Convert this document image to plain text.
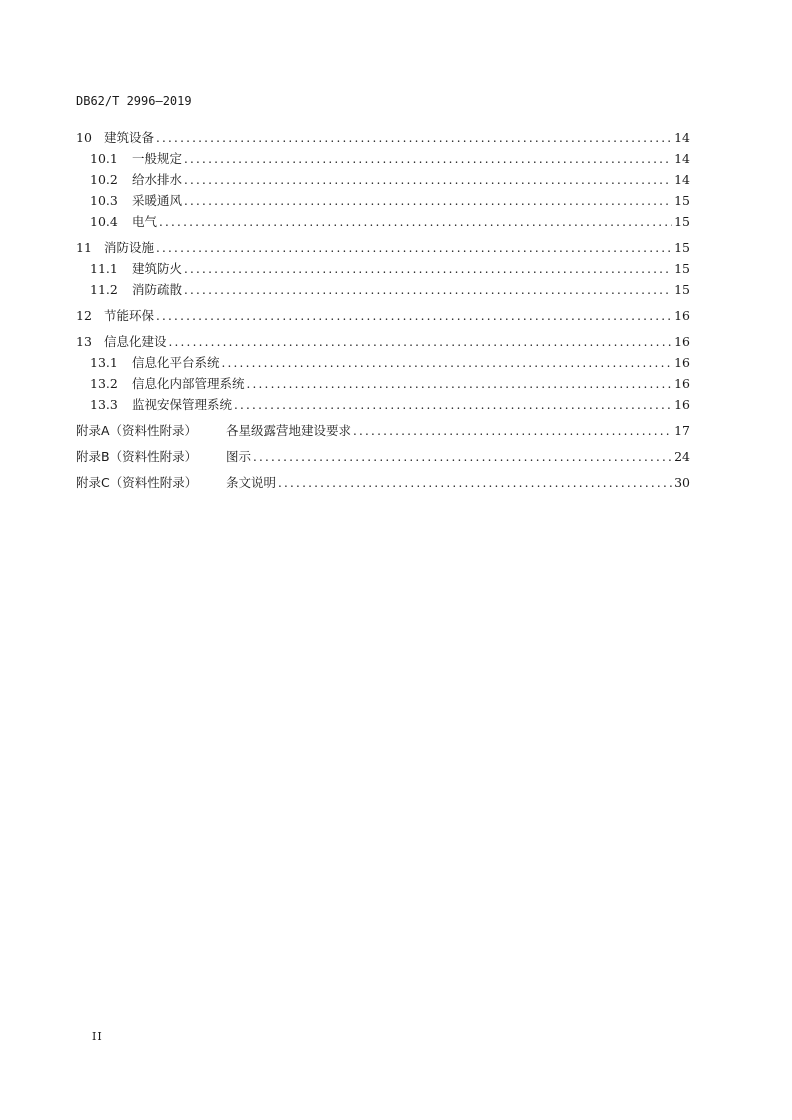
DB62/T 2996—2019
10 建筑设备 .....	14
10.1	一般规定 .....	14
10.2	给水排水 .....	14
10.3	采暖通风 .....	15
10.4	电气 .....	15
11 消防设施 .....	15
11.1	建筑防火 .....	15
11.2	消防疏散 .....	15
12 节能环保 .....	16
13 信息化建设 .....	16
13.1	信息化平台系统 .....	16
13.2	信息化内部管理系统 .....	16
13.3	监视安保管理系统 .....	16
附录A（资料性附录）	各星级露营地建设要求 .....	17
附录B（资料性附录）	图示 .....	24
附录C（资料性附录）	条文说明 .....	30
II
